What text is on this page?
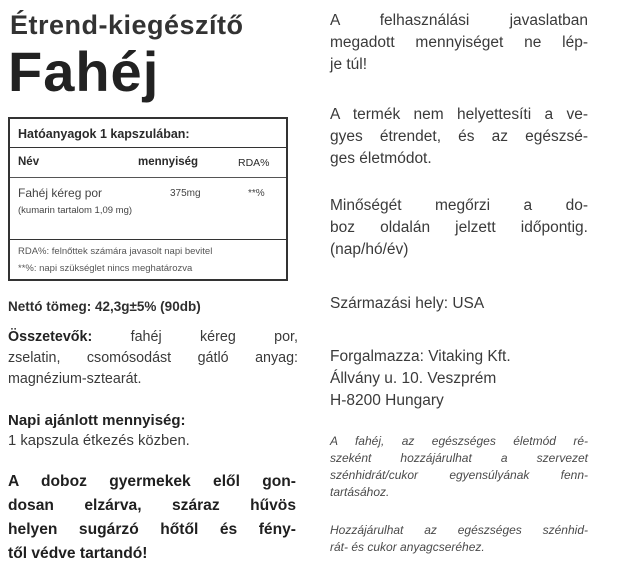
Étrend-kiegészítő
Fahéj
Hatóanyagok 1 kapszulában:
Név	mennyiség	RDA%
Fahéj kéreg por
(kumarin tartalom 1,09 mg)
375mg	**%
RDA%: felnőttek számára javasolt napi bevitel
**%: napi szükséglet nincs meghatározva
Nettó tömeg: 42,3g±5% (90db)
Összetevők: fahéj kéreg por,
zselatin, csomósodást gátló anyag:
magnézium-sztearát.
Napi ajánlott mennyiség:
1 kapszula étkezés közben.
A doboz gyermekek elől gon-
dosan elzárva, száraz hűvös
helyen sugárzó hőtől és fény-
től védve tartandó!
A felhasználási javaslatban
megadott mennyiséget ne lép-
je túl!
A termék nem helyettesíti a ve-
gyes étrendet, és az egészsé-
ges életmódot.
Minőségét megőrzi a do-
boz oldalán jelzett időpontig.
(nap/hó/év)
Származási hely: USA
Forgalmazza: Vitaking Kft.
Állvány u. 10. Veszprém
H-8200 Hungary
A fahéj, az egészséges életmód ré-
szeként hozzájárulhat a szervezet
szénhidrát/cukor egyensúlyának fenn-
tartásához.
Hozzájárulhat az egészséges szénhid-
rát- és cukor anyagcseréhez.
